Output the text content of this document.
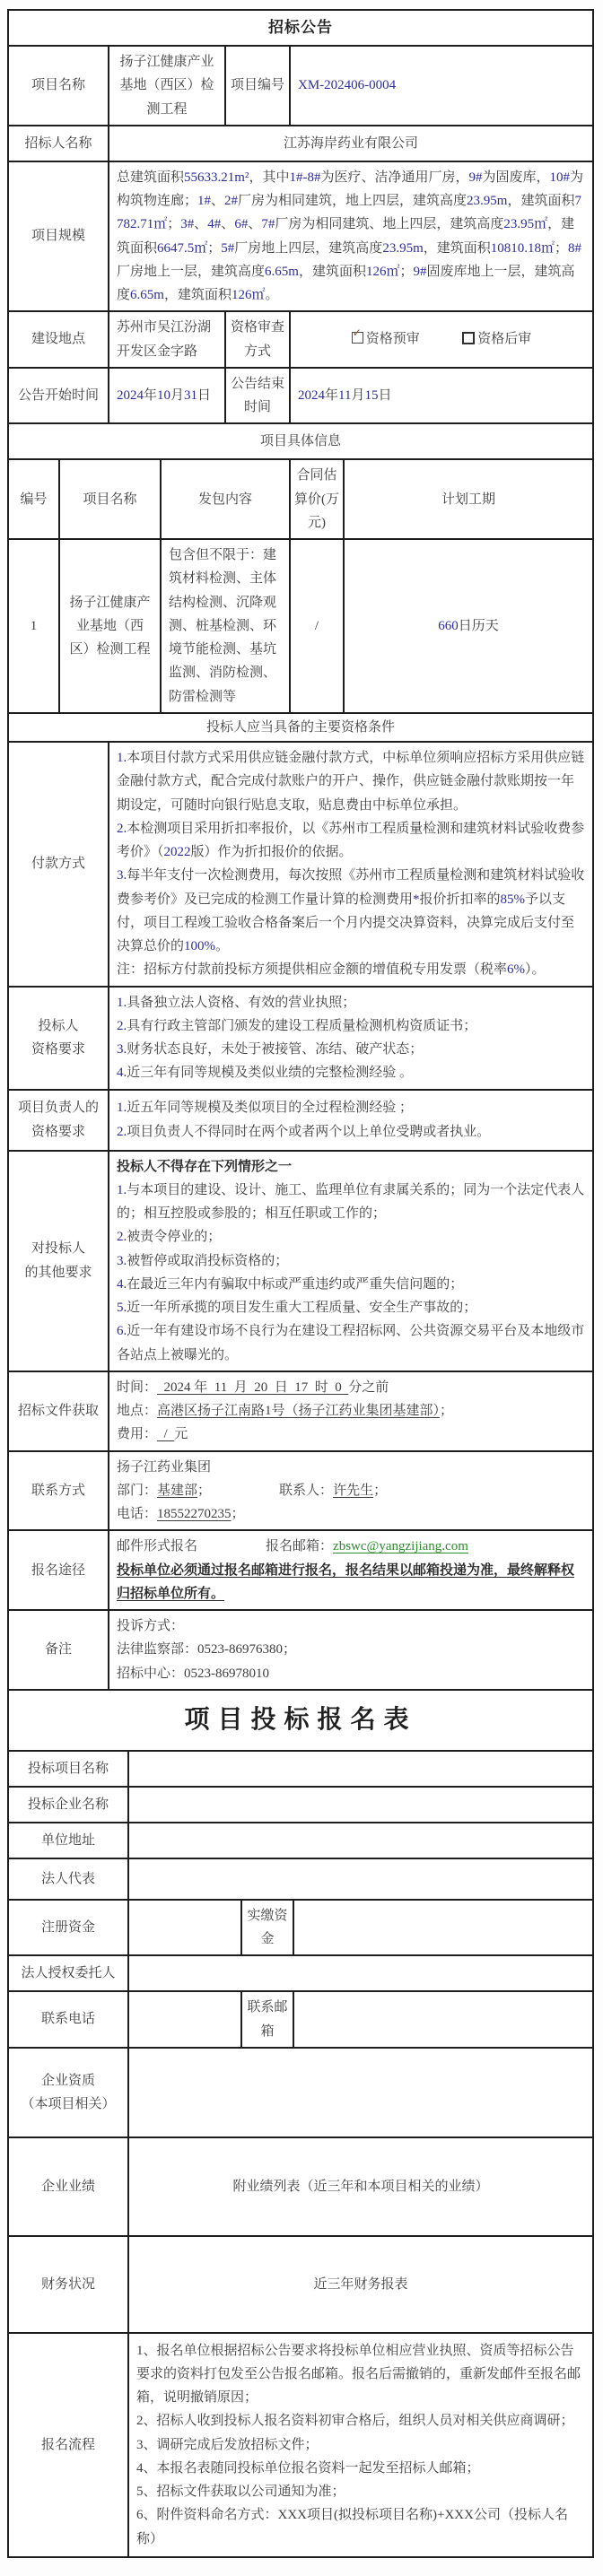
招标公告			
项目名称	扬子江健康产业基地（西区）检测工程	项目编号	XM-202406-0004
招标人名称	江苏海岸药业有限公司		
项目规模	总建筑面积55633.21m²，其中1#-8#为医疗、洁净通用厂房，9#为固废库，10#为构筑物连廊；1#、2#厂房为相同建筑，地上四层，建筑高度23.95m，建筑面积7782.71㎡；3#、4#、6#、7#厂房为相同建筑、地上四层，建筑高度23.95㎡，建筑面积6647.5㎡；5#厂房地上四层，建筑高度23.95m，建筑面积10810.18㎡；8#厂房地上一层，建筑高度6.65m，建筑面积126㎡；9#固废库地上一层，建筑高度6.65m，建筑面积126㎡。		
建设地点	苏州市吴江汾湖开发区金字路	资格审查方式	✓ 资格预审 资格后审
公告开始时间	2024年10月31日	公告结束时间	2024年11月15日
项目具体信息			
编号	项目名称	发包内容	合同估算价(万元)	计划工期
1	扬子江健康产业基地（西区）检测工程	包含但不限于：建筑材料检测、主体结构检测、沉降观测、桩基检测、环境节能检测、基坑监测、消防检测、防雷检测等	/	660日历天
投标人应当具备的主要资格条件	
付款方式	1.本项目付款方式采用供应链金融付款方式，中标单位须响应招标方采用供应链金融付款方式，配合完成付款账户的开户、操作，供应链金融付款账期按一年期设定，可随时向银行贴息支取，贴息费由中标单位承担。
2.本检测项目采用折扣率报价，以《苏州市工程质量检测和建筑材料试验收费参考价》（2022版）作为折扣报价的依据。
3.每半年支付一次检测费用，每次按照《苏州市工程质量检测和建筑材料试验收费参考价》及已完成的检测工作量计算的检测费用*报价折扣率的85%予以支付，项目工程竣工验收合格备案后一个月内提交决算资料，决算完成后支付至决算总价的100%。
注：招标方付款前投标方须提供相应金额的增值税专用发票（税率6%）。

投标人
资格要求

1.具备独立法人资格、有效的营业执照；
2.具有行政主管部门颁发的建设工程质量检测机构资质证书；
3.财务状态良好，未处于被接管、冻结、破产状态；
4.近三年有同等规模及类似业绩的完整检测经验 。

项目负责人的资格要求	1.近五年同等规模及类似项目的全过程检测经验 ；
2.项目负责人不得同时在两个或者两个以上单位受聘或者执业。

对投标人
的其他要求

投标人不得存在下列情形之一
1.与本项目的建设、设计、施工、监理单位有隶属关系的；同为一个法定代表人的；相互控股或参股的；相互任职或工作的；
2.被责令停业的；
3.被暂停或取消投标资格的；
4.在最近三年内有骗取中标或严重违约或严重失信问题的；
5.近一年所承揽的项目发生重大工程质量、安全生产事故的；
6.近一年有建设市场不良行为在建设工程招标网、公共资源交易平台及本地级市各站点上被曝光的。

招标文件获取	时间：  2024 年  11  月  20  日  17  时  0  分之前
地点：高港区扬子江南路1号（扬子江药业集团基建部）；
费用：  /  元

联系方式	扬子江药业集团
部门：基建部； 联系人：许先生；
电话：18552270235；

报名途径	邮件形式报名 报名邮箱：zbswc@yangzijiang.com
投标单位必须通过报名邮箱进行报名，报名结果以邮箱投递为准，最终解释权归招标单位所有。

备注	投诉方式：
法律监察部：0523-86976380；
招标中心：0523-86978010
项目投标报名表			
投标项目名称			
投标企业名称			
单位地址			
法人代表			
注册资金		实缴资金	
法人授权委托人			
联系电话		联系邮箱	

企业资质
（本项目相关）			

企业业绩	附业绩列表（近三年和本项目相关的业绩）		
财务状况	近三年财务报表		
报名流程	
1、报名单位根据招标公告要求将投标单位相应营业执照、资质等招标公告要求的资料打包发至公告报名邮箱。报名后需撤销的，重新发邮件至报名邮箱，说明撤销原因；
2、招标人收到投标人报名资料初审合格后，组织人员对相关供应商调研；
3、调研完成后发放招标文件；
4、本报名表随同投标单位报名资料一起发至招标人邮箱；
5、招标文件获取以公司通知为准；
6、附件资料命名方式：XXX项目(拟投标项目名称)+XXX公司（投标人名称）
